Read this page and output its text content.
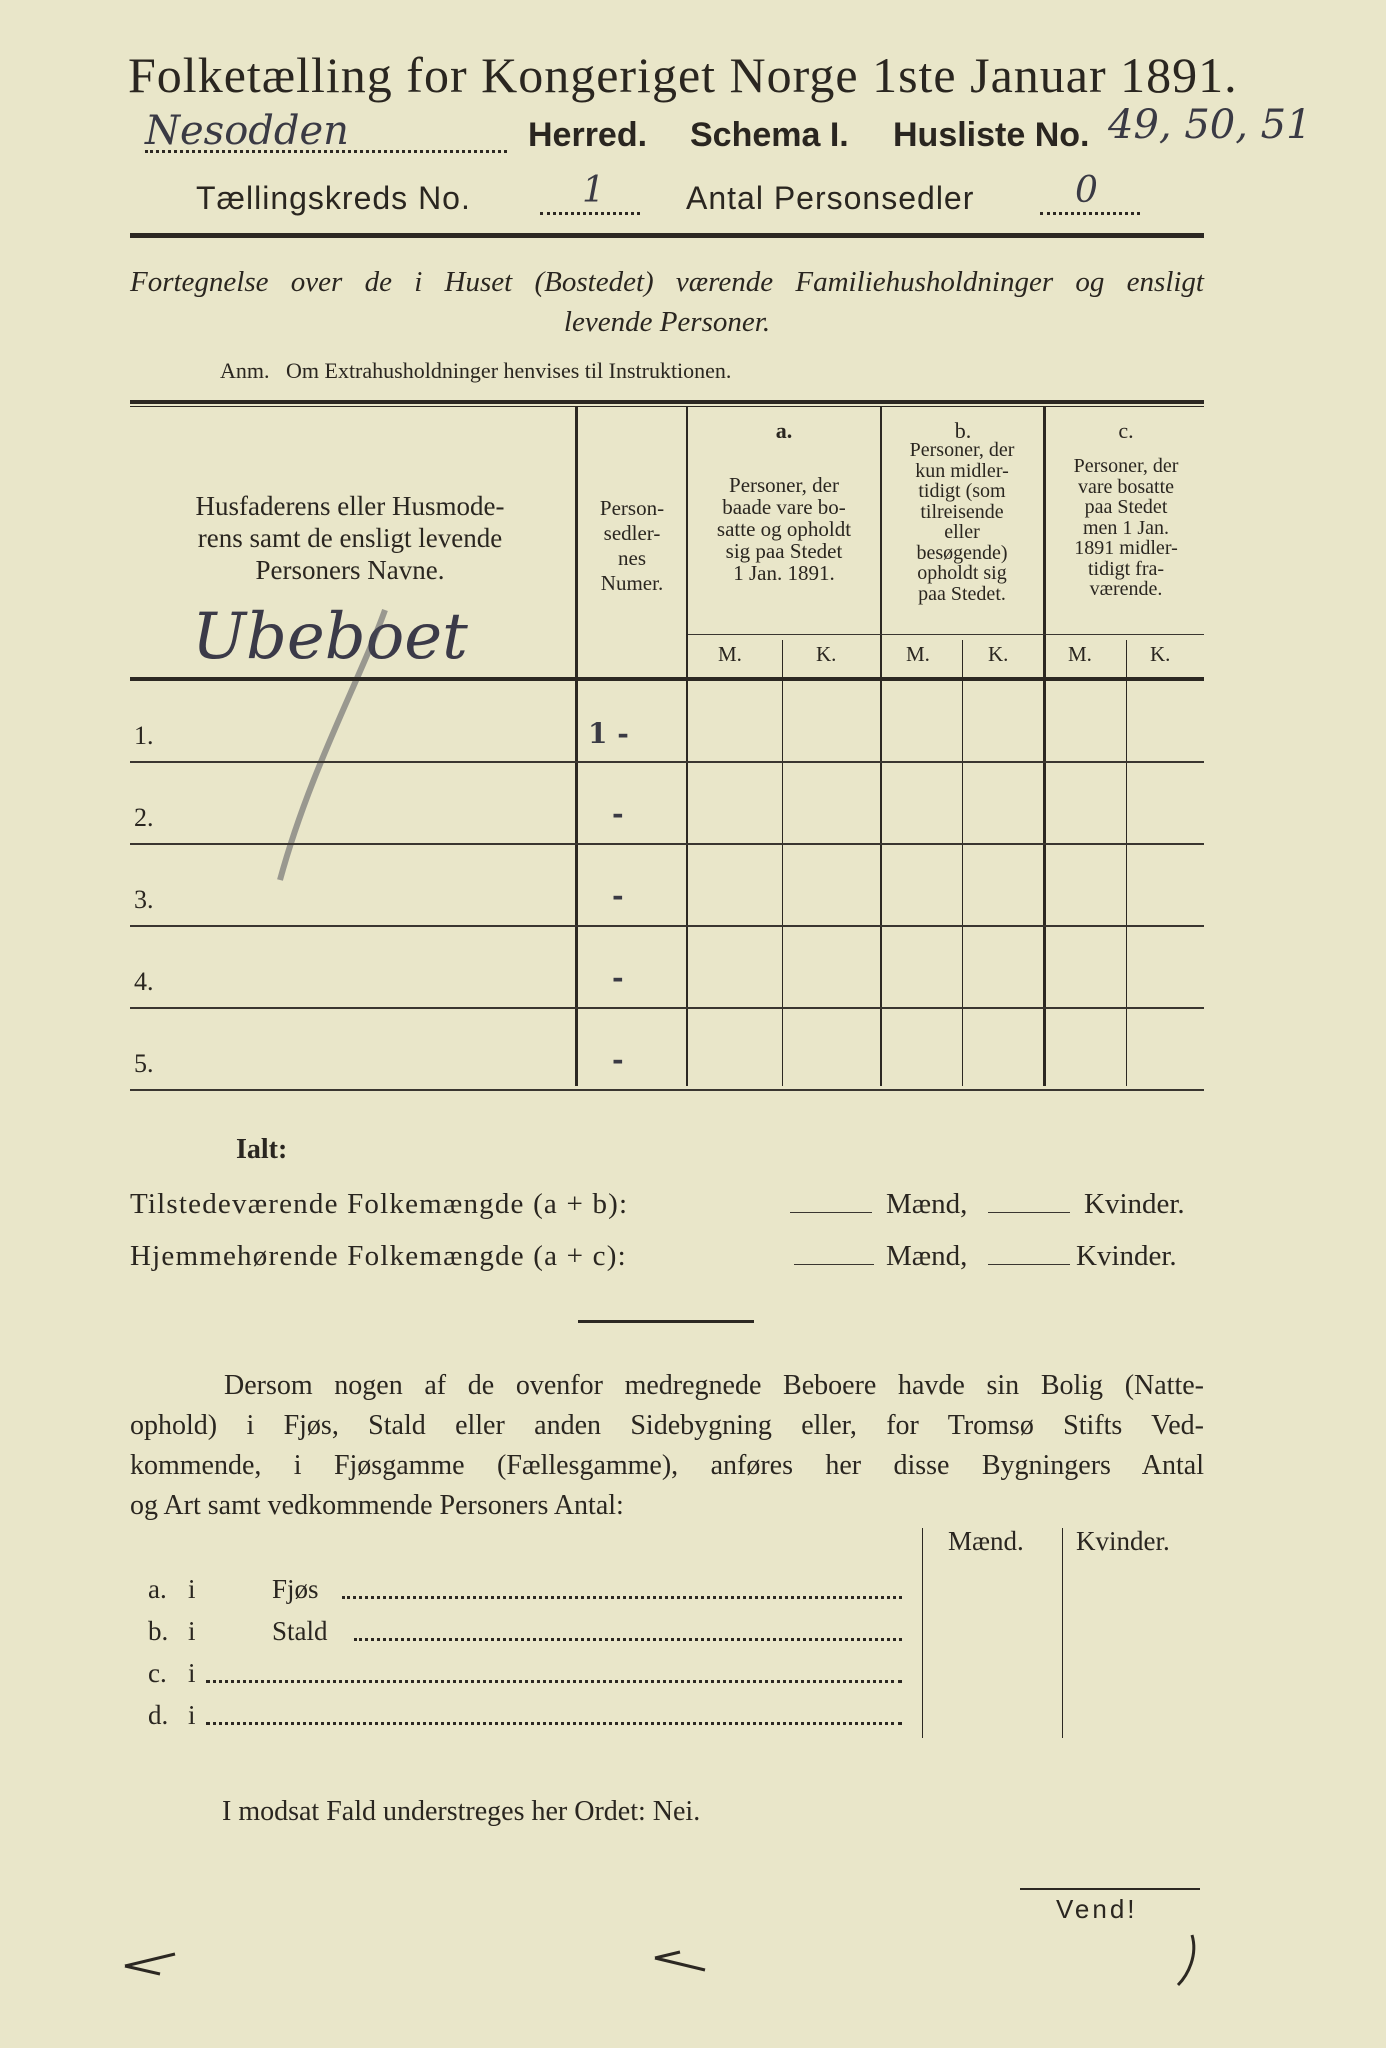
Folketælling for Kongeriget Norge 1ste Januar 1891.
Nesodden	Herred. Schema I. Husliste No. 49, 50, 51
Tællingskreds No.	1	Antal Personsedler	0
Fortegnelse over de i Huset (Bostedet) værende Familiehusholdninger og ensligt
levende Personer.
Anm.   Om Extrahusholdninger henvises til Instruktionen.
Husfaderens eller Husmode-
rens samt de ensligt levende
Personers Navne.
Person-
sedler-
nes
Numer.
a.
Personer, der
baade vare bo-
satte og opholdt
sig paa Stedet
1 Jan. 1891.
b.
Personer, der
kun midler-
tidigt (som
tilreisende
eller
besøgende)
opholdt sig
paa Stedet.
c.
Personer, der
vare bosatte
paa Stedet
men 1 Jan.
1891 midler-
tidigt fra-
værende.
M.	K.	M.	K.	M.	K.
Ubeboet
1.	1 -
2.	-
3.	-
4.	-
5.	-
Ialt:
Tilstedeværende Folkemængde (a + b):	Mænd,	Kvinder.
Hjemmehørende Folkemængde (a + c):	Mænd,	Kvinder.
Dersom nogen af de ovenfor medregnede Beboere havde sin Bolig (Natte-
ophold) i Fjøs, Stald eller anden Sidebygning eller, for Tromsø Stifts Ved-
kommende, i Fjøsgamme (Fællesgamme), anføres her disse Bygningers Antal
og Art samt vedkommende Personers Antal:
Mænd. Kvinder.
a. i	Fjøs
b. i	Stald
c. i
d. i
I modsat Fald understreges her Ordet: Nei.
Vend!
